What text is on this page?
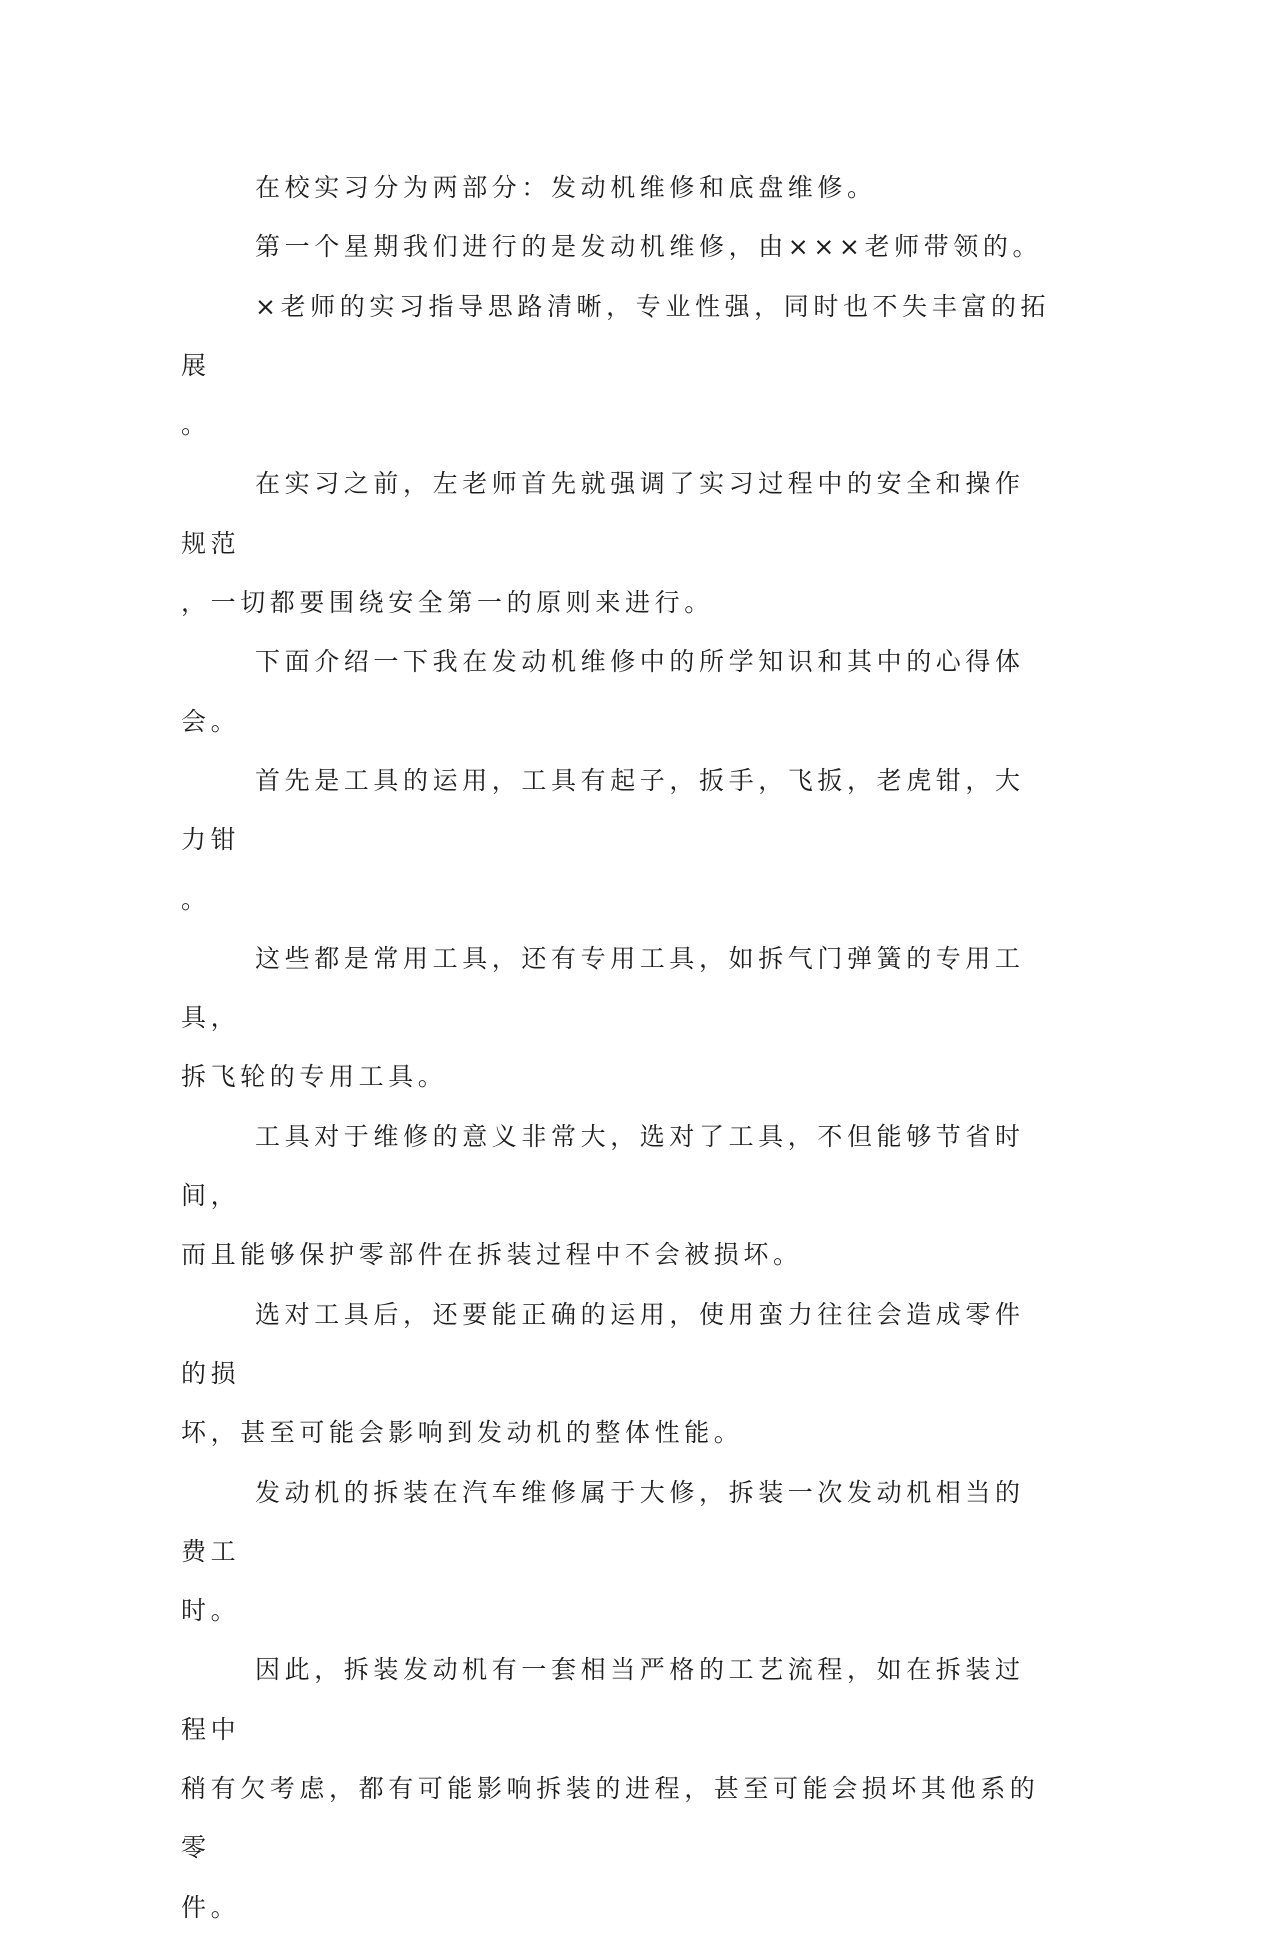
在校实习分为两部分：发动机维修和底盘维修。

第一个星期我们进行的是发动机维修，由×××老师带领的。

×老师的实习指导思路清晰，专业性强，同时也不失丰富的拓展
。

在实习之前，左老师首先就强调了实习过程中的安全和操作规范
，一切都要围绕安全第一的原则来进行。

下面介绍一下我在发动机维修中的所学知识和其中的心得体会。

首先是工具的运用，工具有起子，扳手，飞扳，老虎钳，大力钳
。

这些都是常用工具，还有专用工具，如拆气门弹簧的专用工具，
拆飞轮的专用工具。

工具对于维修的意义非常大，选对了工具，不但能够节省时间，
而且能够保护零部件在拆装过程中不会被损坏。

选对工具后，还要能正确的运用，使用蛮力往往会造成零件的损
坏，甚至可能会影响到发动机的整体性能。

发动机的拆装在汽车维修属于大修，拆装一次发动机相当的费工
时。

因此，拆装发动机有一套相当严格的工艺流程，如在拆装过程中
稍有欠考虑，都有可能影响拆装的进程，甚至可能会损坏其他系的零
件。
